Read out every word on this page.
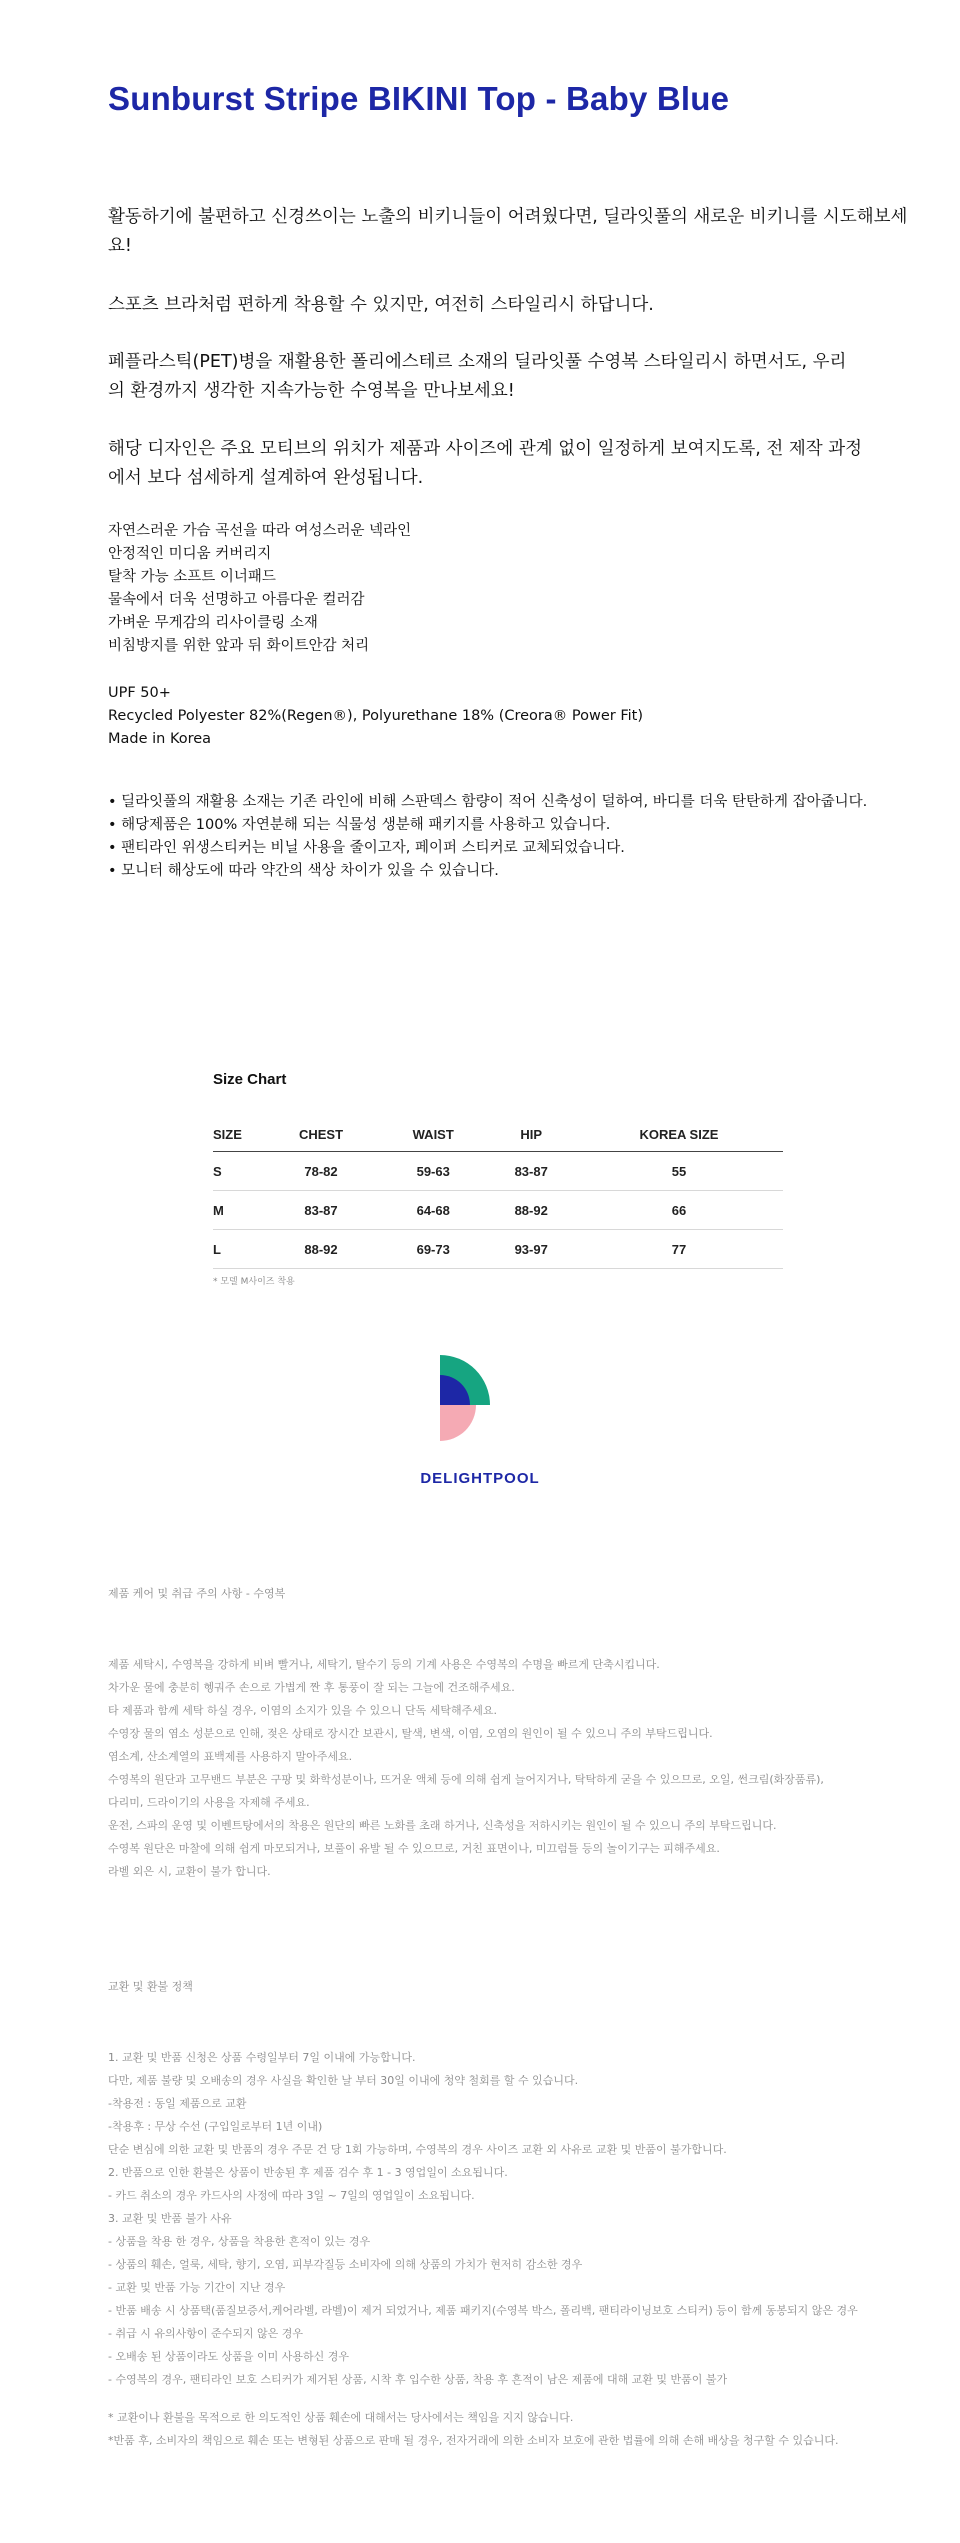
Sunburst Stripe BIKINI Top - Baby Blue

활동하기에 불편하고 신경쓰이는 노출의 비키니들이 어려웠다면, 딜라잇풀의 새로운 비키니를 시도해보세요!

스포츠 브라처럼 편하게 착용할 수 있지만, 여전히 스타일리시 하답니다.

페플라스틱(PET)병을 재활용한 폴리에스테르 소재의 딜라잇풀 수영복 스타일리시 하면서도, 우리의 환경까지 생각한 지속가능한 수영복을 만나보세요!

해당 디자인은 주요 모티브의 위치가 제품과 사이즈에 관계 없이 일정하게 보여지도록, 전 제작 과정에서 보다 섬세하게 설계하여 완성됩니다.

자연스러운 가슴 곡선을 따라 여성스러운 넥라인
안정적인 미디움 커버리지
탈착 가능 소프트 이너패드
물속에서 더욱 선명하고 아름다운 컬러감
가벼운 무게감의 리사이클링 소재
비침방지를 위한 앞과 뒤 화이트안감 처리
UPF 50+
Recycled Polyester 82%(Regen®), Polyurethane 18% (Creora® Power Fit)
Made in Korea
• 딜라잇풀의 재활용 소재는 기존 라인에 비해 스판덱스 함량이 적어 신축성이 덜하여, 바디를 더욱 탄탄하게 잡아줍니다.
• 해당제품은 100% 자연분해 되는 식물성 생분해 패키지를 사용하고 있습니다.
• 팬티라인 위생스티커는 비닐 사용을 줄이고자, 페이퍼 스티커로 교체되었습니다.
• 모니터 해상도에 따라 약간의 색상 차이가 있을 수 있습니다.
Size Chart
SIZE	CHEST	WAIST	HIP	KOREA SIZE
S	78-82	59-63	83-87	55
M	83-87	64-68	88-92	66
L	88-92	69-73	93-97	77

* 모델 M사이즈 착용

DELIGHTPOOL

제품 케어 및 취급 주의 사항 - 수영복

제품 세탁시, 수영복을 강하게 비벼 빨거나, 세탁기, 탈수기 등의 기계 사용은 수영복의 수명을 빠르게 단축시킵니다.
차가운 물에 충분히 헹궈주 손으로 가볍게 짠 후 통풍이 잘 되는 그늘에 건조해주세요.
타 제품과 함께 세탁 하실 경우, 이염의 소지가 있을 수 있으니 단독 세탁해주세요.
수영장 물의 염소 성분으로 인해, 젖은 상태로 장시간 보관시, 탈색, 변색, 이염, 오염의 원인이 될 수 있으니 주의 부탁드립니다.
염소계, 산소계열의 표백제를 사용하지 말아주세요.
수영복의 원단과 고무밴드 부분은 구팡 및 화학성분이나, 뜨거운 액체 등에 의해 쉽게 늘어지거나, 탁탁하게 굳을 수 있으므로, 오일, 썬크림(화장품류),
다리미, 드라이기의 사용을 자제해 주세요.
운전, 스파의 운영 및 이벤트탕에서의 착용은 원단의 빠른 노화를 초래 하거나, 신축성을 저하시키는 원인이 될 수 있으니 주의 부탁드립니다.
수영복 원단은 마찰에 의해 쉽게 마모되거나, 보풀이 유발 될 수 있으므로, 거친 표면이나, 미끄럼틀 등의 놀이기구는 피해주세요.
라벨 외은 시, 교환이 불가 합니다.

교환 및 환불 정책

1. 교환 및 반품 신청은 상품 수령일부터 7일 이내에 가능합니다.
다만, 제품 불량 및 오배송의 경우 사실을 확인한 날 부터 30일 이내에 청약 철회를 할 수 있습니다.
-착용전 : 동일 제품으로 교환
-착용후 : 무상 수선 (구입일로부터 1년 이내)
단순 변심에 의한 교환 및 반품의 경우 주문 건 당 1회 가능하며, 수영복의 경우 사이즈 교환 외 사유로 교환 및 반품이 불가합니다.
2. 반품으로 인한 환불은 상품이 반송된 후 제품 검수 후 1 - 3 영업일이 소요됩니다.
- 카드 취소의 경우 카드사의 사정에 따라 3일 ~ 7일의 영업일이 소요됩니다.
3. 교환 및 반품 불가 사유
- 상품을 착용 한 경우, 상품을 착용한 흔적이 있는 경우
- 상품의 훼손, 얼룩, 세탁, 향기, 오염, 피부각질등 소비자에 의해 상품의 가치가 현저히 감소한 경우
- 교환 및 반품 가능 기간이 지난 경우
- 반품 배송 시 상품택(품질보증서,케어라벨, 라벨)이 제거 되었거나, 제품 패키지(수영복 박스, 폴리백, 팬티라이닝보호 스티커) 등이 함께 동봉되지 않은 경우
- 취급 시 유의사항이 준수되지 않은 경우
- 오배송 된 상품이라도 상품을 이미 사용하신 경우
- 수영복의 경우, 팬티라인 보호 스티커가 제거된 상품, 시착 후 입수한 상품, 착용 후 흔적이 남은 제품에 대해 교환 및 반품이 불가
* 교환이나 환불을 목적으로 한 의도적인 상품 훼손에 대해서는 당사에서는 책임을 지지 않습니다.
*반품 후, 소비자의 책임으로 훼손 또는 변형된 상품으로 판매 될 경우, 전자거래에 의한 소비자 보호에 관한 법률에 의해 손해 배상을 청구할 수 있습니다.
